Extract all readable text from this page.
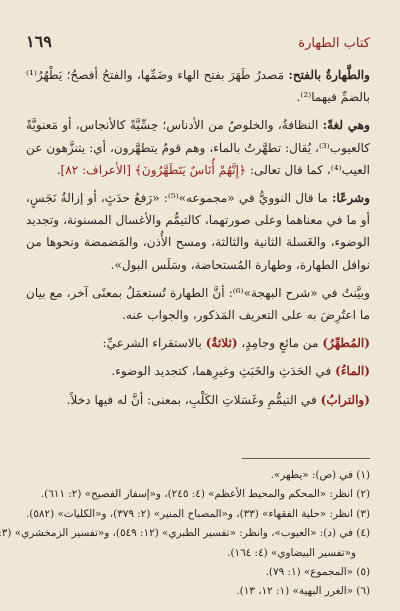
١٦٩	كتاب الطهارة

والطَّهارةُ بالفتح: مَصدرُ طَهَرَ بفتح الهاء وضَمِّها، والفتحُ أفصحُ؛ يَطْهُرُ⁽¹⁾ بالضمِّ فيهما⁽²⁾.

وهي لغةً: النظافةُ، والخلوصُ من الأدناس؛ حِسِّيَّةً كالأنجاس، أو مَعنويَّةً كالعيوب⁽³⁾، يُقال: تطهَّرتُ بالماء، وهم قومٌ يتطهَّرون، أي: يتنزَّهون عن العيب⁽⁴⁾، كما قال تعالى: ﴿إِنَّهُمْ أُنَاسٌ يَتَطَهَّرُونَ﴾ [الأعراف: ٨٢].

وشرعًا: ما قال النوويُّ في «مجموعه»⁽⁵⁾: «رَفعُ حدَثٍ، أو إزالةُ نَجَسٍ، أو ما في معناهما وعلى صورتهما، كالتيمُّم والأغسال المسنونة، وتجديد الوضوء، والغَسلة الثانية والثالثة، ومسح الأُذن، والمَضمضة ونحوها من نوافل الطهارة، وطهارة المُستحاضة، وسَلَس البول».

وبيَّنتُ في «شرح البهجة»⁽⁶⁾: أنَّ الطهارة تُستعمَلُ بمعنًى آخر، مع بيان ما اعتُرِضَ به على التعريف المَذكور، والجواب عنه.

(المُطهِّرُ) من مائعٍ وجامِدٍ، (ثلاثةٌ) بالاستقراء الشرعيِّ:

(الماءُ) في الحَدَثِ والخَبَثِ وغيرِهما، كتجديد الوضوء.

(والترابُ) في التيمُّمِ وغَسَلاتِ الكَلْبِ، بمعنى: أنَّ له فيها دخلاً.

(١) في (ص): «يطهر».
(٢) انظر: «المحكم والمحيط الأعظم» (٤: ٢٤٥)، و«إسفار الفصيح» (٢: ٦١١).
(٣) انظر: «حلية الفقهاء» (٣٣)، و«المصباح المنير» (٢: ٣٧٩)، و«الكليات» (٥٨٢).
(٤) في (د): «العيوب»، وانظر: «تفسير الطبري» (١٢: ٥٤٩)، و«تفسير الزمخشري» (٣
و«تفسير البيضاوي» (٤: ١٦٤).
(٥) «المجموع» (١: ٧٩).
(٦) «الغرر البهية» (١: ١٢، ١٣).
